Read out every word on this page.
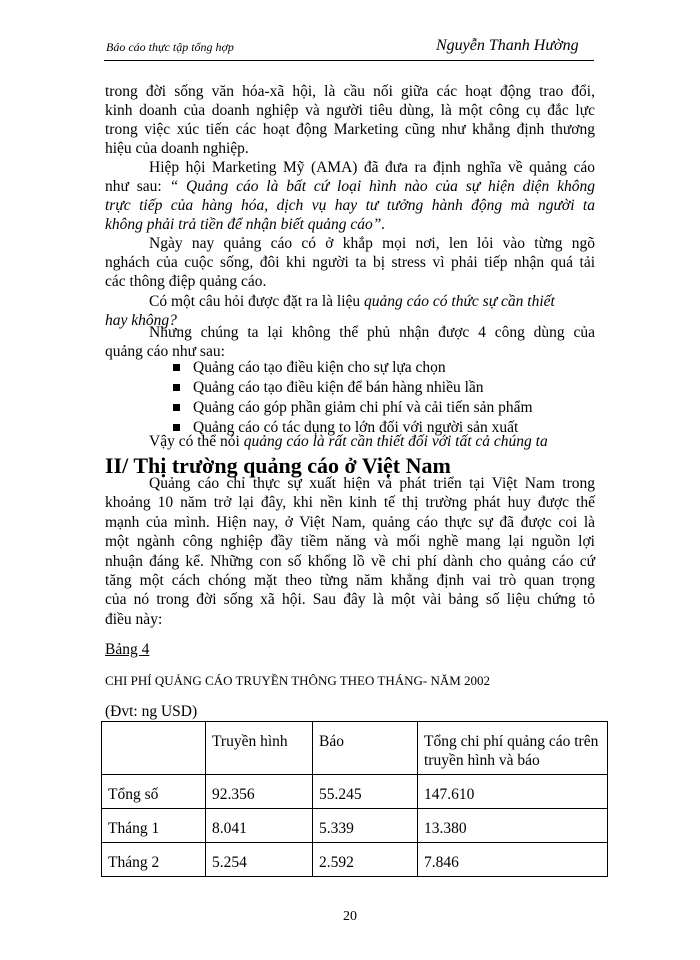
Báo cáo thực tập tổng hợp	Nguyễn Thanh Hường
trong đời sống văn hóa-xã hội, là cầu nối giữa các hoạt động trao đổi,
kinh doanh của doanh nghiệp và người tiêu dùng, là một công cụ đắc lực
trong việc xúc tiến các hoạt động Marketing cũng như khẳng định thương
hiệu của doanh nghiệp.
Hiệp hội Marketing Mỹ (AMA) đã đưa ra định nghĩa về quảng cáo
như sau: “ Quảng cáo là bất cứ loại hình nào của sự hiện diện không
trực tiếp của hàng hóa, dịch vụ hay tư tưởng hành động mà người ta
không phải trả tiền để nhận biết quảng cáo”.
Ngày nay quảng cáo có ở khắp mọi nơi, len lỏi vào từng ngõ
nghách của cuộc sống, đôi khi người ta bị stress vì phải tiếp nhận quá tải
các thông điệp quảng cáo.
Có một câu hỏi được đặt ra là liệu quảng cáo có thức sự cần thiết
hay không?
Nhưng chúng ta lại không thể phủ nhận được 4 công dùng của
quảng cáo như sau:
Quảng cáo tạo điều kiện cho sự lựa chọn
Quảng cáo tạo điều kiện để bán hàng nhiều lần
Quảng cáo góp phần giảm chi phí và cải tiến sản phẩm
Quảng cáo có tác dụng to lớn đối với người sản xuất
Vậy có thể nói quảng cáo là rất cần thiết đối với tất cả chúng ta
II/ Thị trường quảng cáo ở Việt Nam
Quảng cáo chỉ thực sự xuất hiện và phát triển tại Việt Nam trong
khoảng 10 năm trở lại đây, khi nền kinh tế thị trường phát huy được thế
mạnh của mình. Hiện nay, ở Việt Nam, quảng cáo thực sự đã được coi là
một ngành công nghiệp đầy tiềm năng và mối nghề mang lại nguồn lợi
nhuận đáng kể. Những con số khổng lồ về chi phí dành cho quảng cáo cứ
tăng một cách chóng mặt theo từng năm khẳng định vai trò quan trọng
của nó trong đời sống xã hội. Sau đây là một vài bảng số liệu chứng tỏ
điều này:
Bảng 4
CHI PHÍ QUẢNG CÁO TRUYỀN THÔNG THEO THÁNG- NĂM 2002
(Đvt: ng USD)
	Truyền hình	Báo	Tổng chi phí quảng cáo trên truyền hình và báo
Tổng số	92.356	55.245	147.610
Tháng 1	8.041	5.339	13.380
Tháng 2	5.254	2.592	7.846
20
